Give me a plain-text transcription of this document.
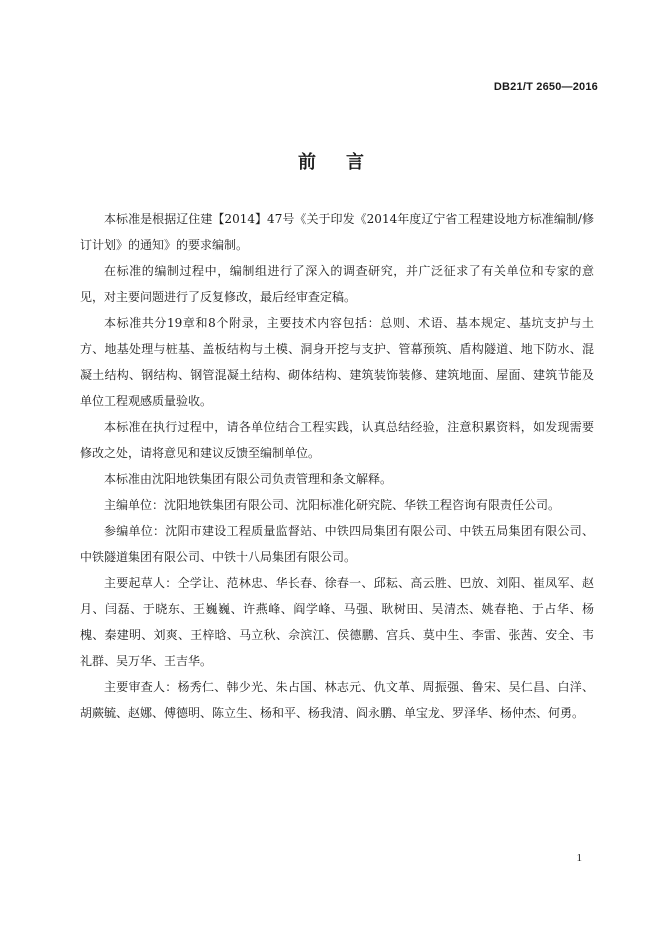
DB21/T 2650—2016
前言

本标准是根据辽住建【2014】47号《关于印发《2014年度辽宁省工程建设地方标准编制/修订计划》的通知》的要求编制。

在标准的编制过程中，编制组进行了深入的调查研究，并广泛征求了有关单位和专家的意见，对主要问题进行了反复修改，最后经审查定稿。

本标准共分19章和8个附录，主要技术内容包括：总则、术语、基本规定、基坑支护与土方、地基处理与桩基、盖板结构与土模、洞身开挖与支护、管幕预筑、盾构隧道、地下防水、混凝土结构、钢结构、钢管混凝土结构、砌体结构、建筑装饰装修、建筑地面、屋面、建筑节能及单位工程观感质量验收。

本标准在执行过程中，请各单位结合工程实践，认真总结经验，注意积累资料，如发现需要修改之处，请将意见和建议反馈至编制单位。

本标准由沈阳地铁集团有限公司负责管理和条文解释。

主编单位：沈阳地铁集团有限公司、沈阳标准化研究院、华铁工程咨询有限责任公司。

参编单位：沈阳市建设工程质量监督站、中铁四局集团有限公司、中铁五局集团有限公司、中铁隧道集团有限公司、中铁十八局集团有限公司。

主要起草人：仝学让、范林忠、华长春、徐春一、邱耘、高云胜、巴放、刘阳、崔凤军、赵月、闫磊、于晓东、王巍巍、许燕峰、阎学峰、马强、耿树田、吴清杰、姚春艳、于占华、杨槐、秦建明、刘爽、王梓晗、马立秋、佘滨江、侯德鹏、宫兵、莫中生、李雷、张茜、安全、韦礼群、吴万华、王吉华。

主要审查人：杨秀仁、韩少光、朱占国、林志元、仇文革、周振强、鲁宋、吴仁昌、白洋、胡蕨毓、赵娜、傅德明、陈立生、杨和平、杨我清、阎永鹏、单宝龙、罗泽华、杨仲杰、何勇。

1
